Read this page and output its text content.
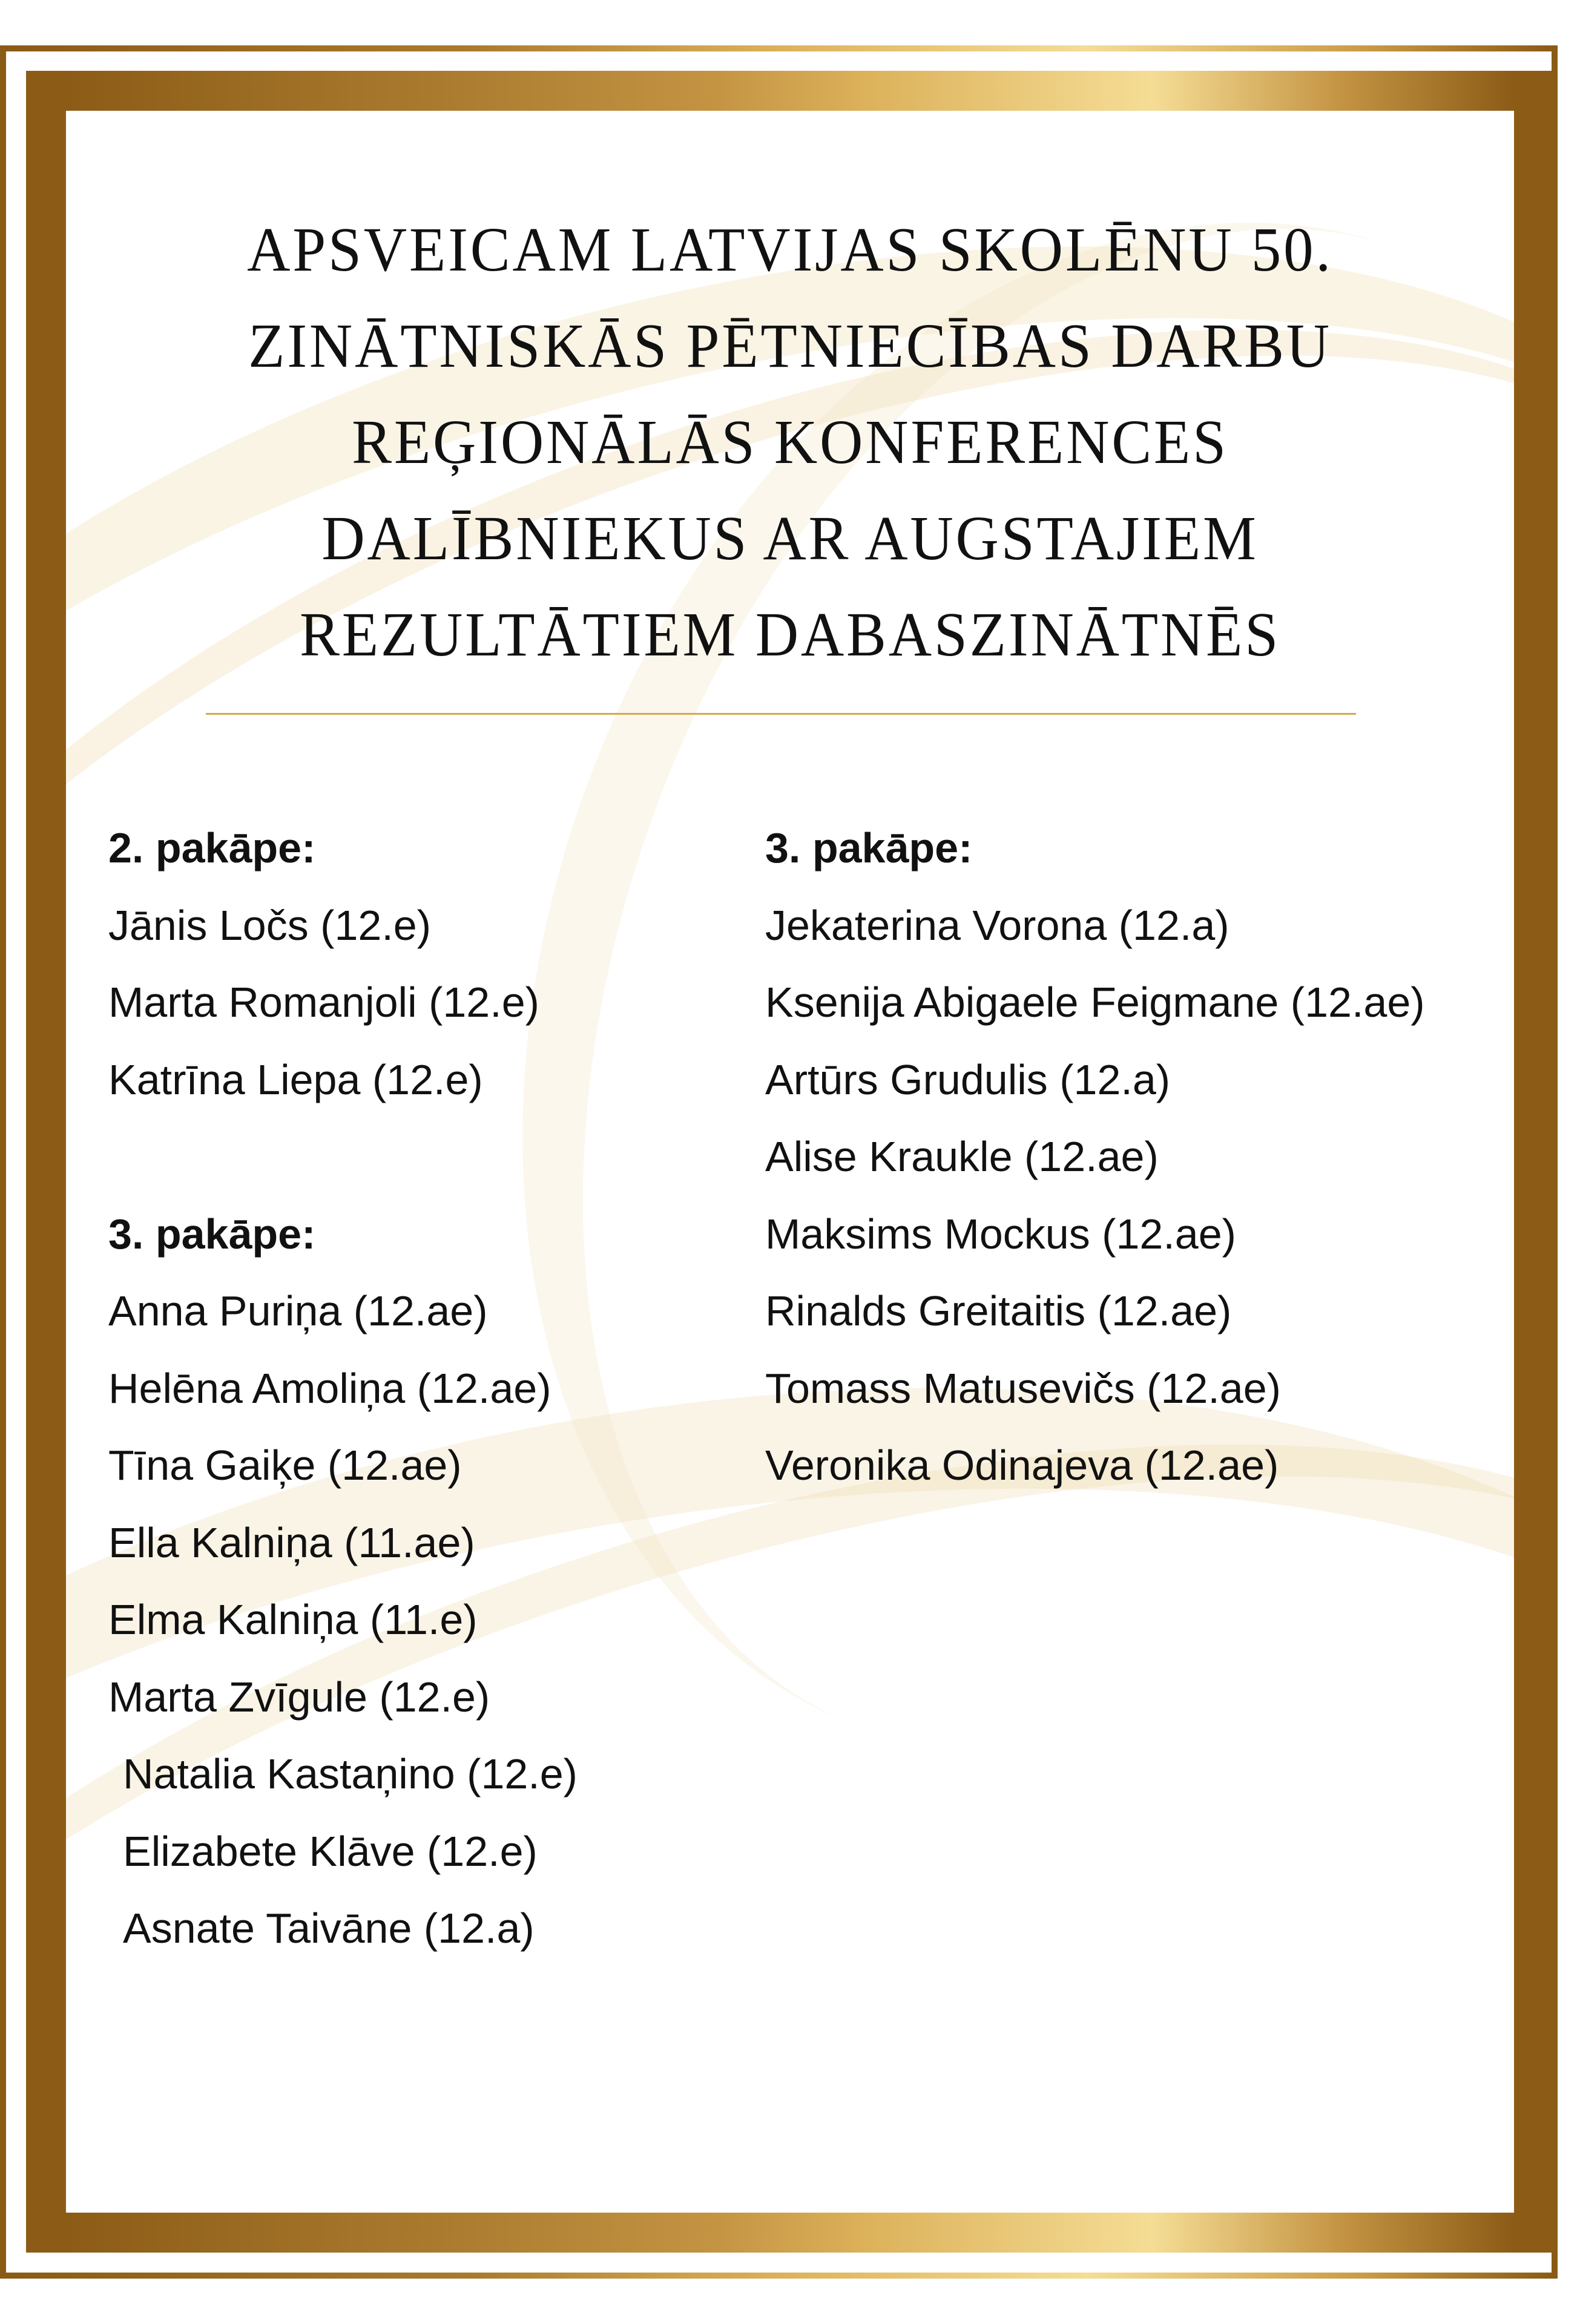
APSVEICAM LATVIJAS SKOLĒNU 50.
ZINĀTNISKĀS PĒTNIECĪBAS DARBU
REĢIONĀLĀS KONFERENCES
DALĪBNIEKUS AR AUGSTAJIEM
REZULTĀTIEM DABASZINĀTNĒS
2. pakāpe:
Jānis Ločs (12.e)
Marta Romanjoli (12.e)
Katrīna Liepa (12.e)
3. pakāpe:
Anna Puriņa (12.ae)
Helēna Amoliņa (12.ae)
Tīna Gaiķe (12.ae)
Ella Kalniņa (11.ae)
Elma Kalniņa (11.e)
Marta Zvīgule (12.e)
Natalia Kastaņino (12.e)
Elizabete Klāve (12.e)
Asnate Taivāne (12.a)
3. pakāpe:
Jekaterina Vorona (12.a)
Ksenija Abigaele Feigmane (12.ae)
Artūrs Grudulis (12.a)
Alise Kraukle (12.ae)
Maksims Mockus (12.ae)
Rinalds Greitaitis (12.ae)
Tomass Matusevičs (12.ae)
Veronika Odinajeva (12.ae)
